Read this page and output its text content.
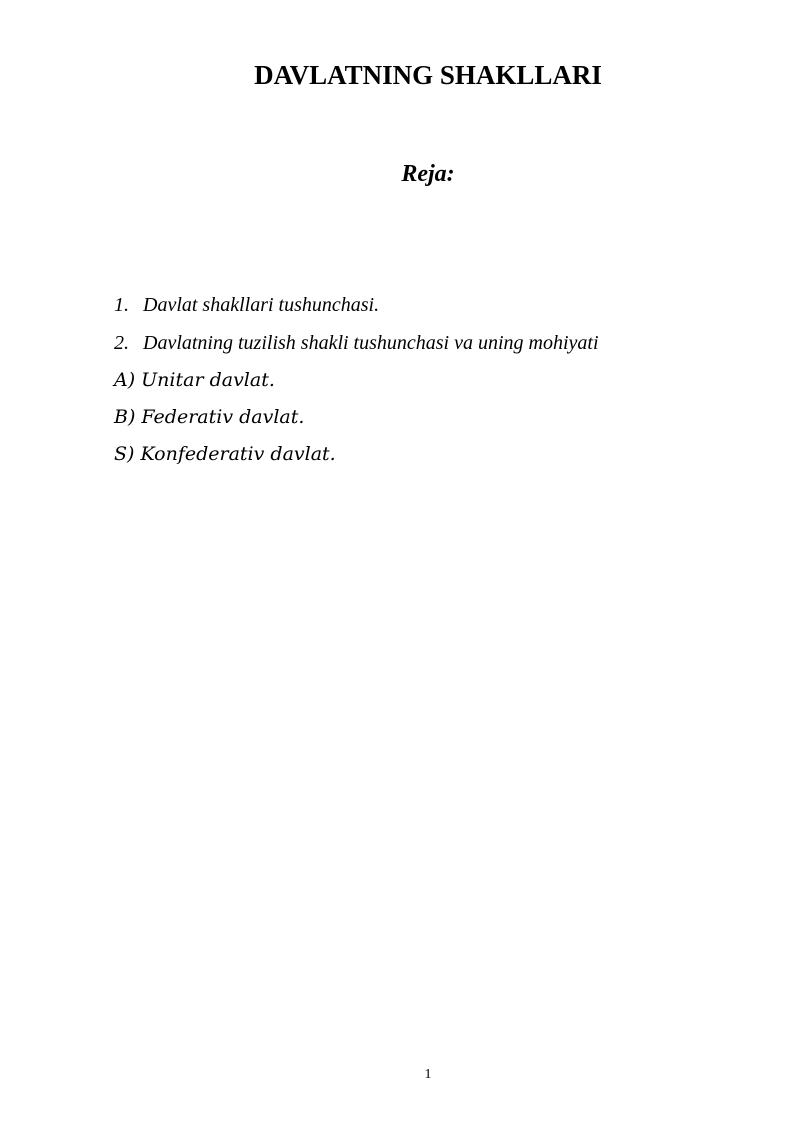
DAVLATNING SHAKLLARI
Reja:
1. Davlat shakllari tushunchasi.
2. Davlatning tuzilish shakli tushunchasi va uning mohiyati
A) Unitar davlat.
B) Federativ davlat.
S) Konfederativ davlat.
1
